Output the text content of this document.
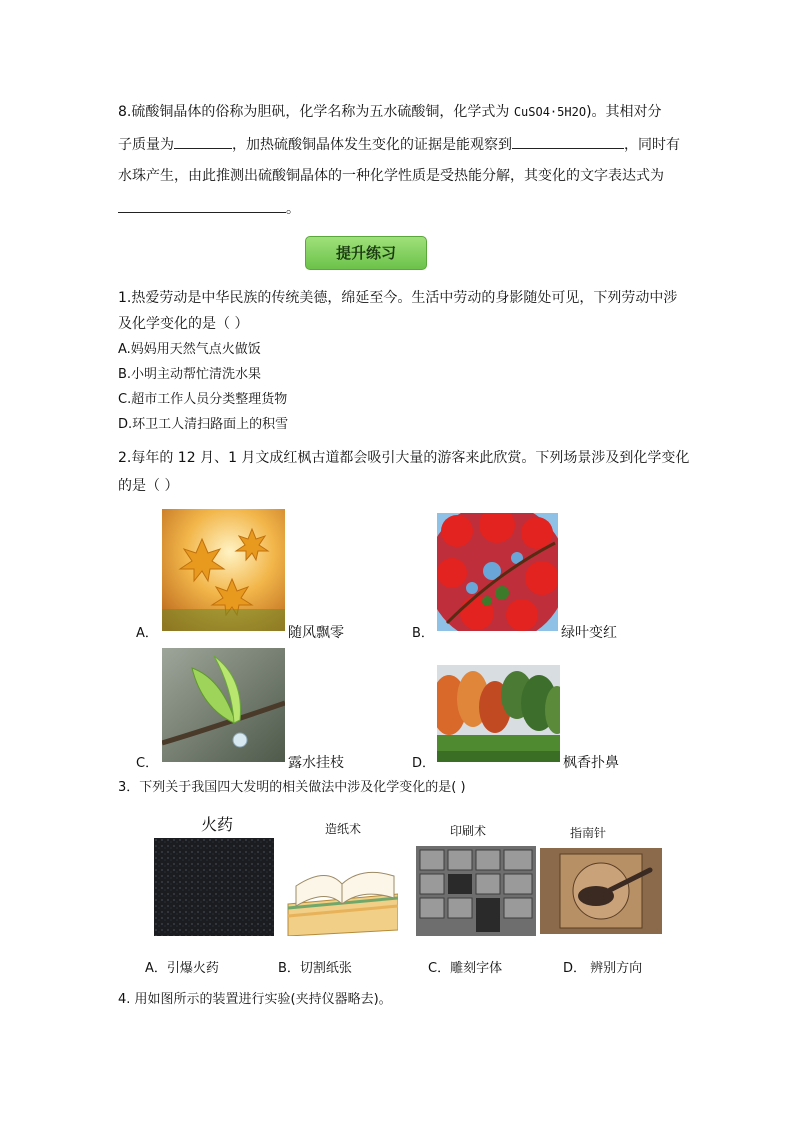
8.硫酸铜晶体的俗称为胆矾，化学名称为五水硫酸铜，化学式为 CuSO4·5H2O)。其相对分
子质量为	，加热硫酸铜晶体发生变化的证据是能观察到	，同时有
水珠产生，由此推测出硫酸铜晶体的一种化学性质是受热能分解，其变化的文字表达式为
。
提升练习
1.热爱劳动是中华民族的传统美德，绵延至今。生活中劳动的身影随处可见，下列劳动中涉
及化学变化的是（ ）
A.妈妈用天然气点火做饭
B.小明主动帮忙清洗水果
C.超市工作人员分类整理货物
D.环卫工人清扫路面上的积雪
2.每年的 12 月、1 月文成红枫古道都会吸引大量的游客来此欣赏。下列场景涉及到化学变化
的是（ ）
A．	随风飘零	B．	绿叶变红
C．	露水挂枝	D．	枫香扑鼻
3．下列关于我国四大发明的相关做法中涉及化学变化的是( )
火药	造纸术	印刷术	指南针
A．引爆火药	B．切割纸张	C．雕刻字体	D． 辨别方向
4. 用如图所示的装置进行实验(夹持仪器略去)。
